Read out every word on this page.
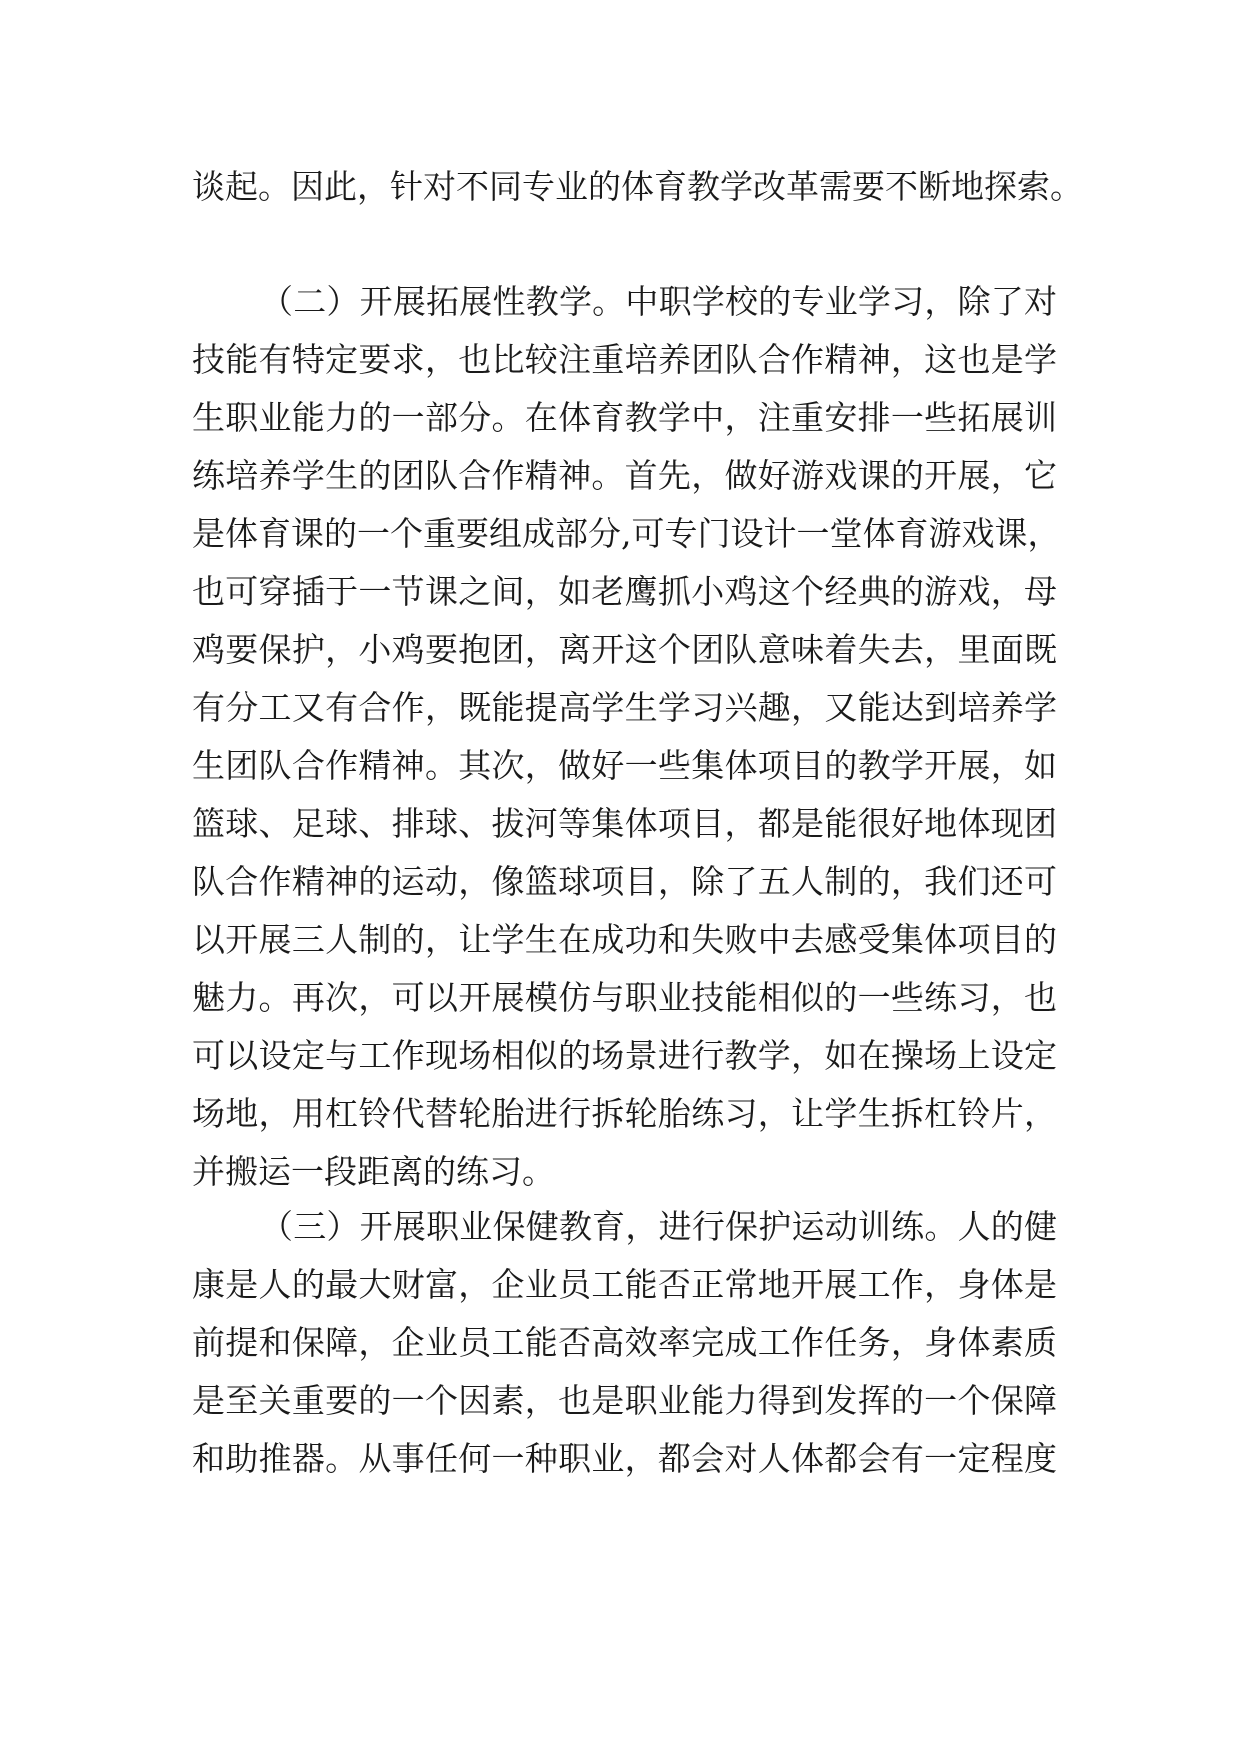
谈起。因此，针对不同专业的体育教学改革需要不断地探索。
（二）开展拓展性教学。中职学校的专业学习，除了对
技能有特定要求，也比较注重培养团队合作精神，这也是学
生职业能力的一部分。在体育教学中，注重安排一些拓展训
练培养学生的团队合作精神。首先，做好游戏课的开展，它
是体育课的一个重要组成部分,可专门设计一堂体育游戏课，
也可穿插于一节课之间，如老鹰抓小鸡这个经典的游戏，母
鸡要保护，小鸡要抱团，离开这个团队意味着失去，里面既
有分工又有合作，既能提高学生学习兴趣，又能达到培养学
生团队合作精神。其次，做好一些集体项目的教学开展，如
篮球、足球、排球、拔河等集体项目，都是能很好地体现团
队合作精神的运动，像篮球项目，除了五人制的，我们还可
以开展三人制的，让学生在成功和失败中去感受集体项目的
魅力。再次，可以开展模仿与职业技能相似的一些练习，也
可以设定与工作现场相似的场景进行教学，如在操场上设定
场地，用杠铃代替轮胎进行拆轮胎练习，让学生拆杠铃片，
并搬运一段距离的练习。
（三）开展职业保健教育，进行保护运动训练。人的健
康是人的最大财富，企业员工能否正常地开展工作，身体是
前提和保障，企业员工能否高效率完成工作任务，身体素质
是至关重要的一个因素，也是职业能力得到发挥的一个保障
和助推器。从事任何一种职业，都会对人体都会有一定程度
